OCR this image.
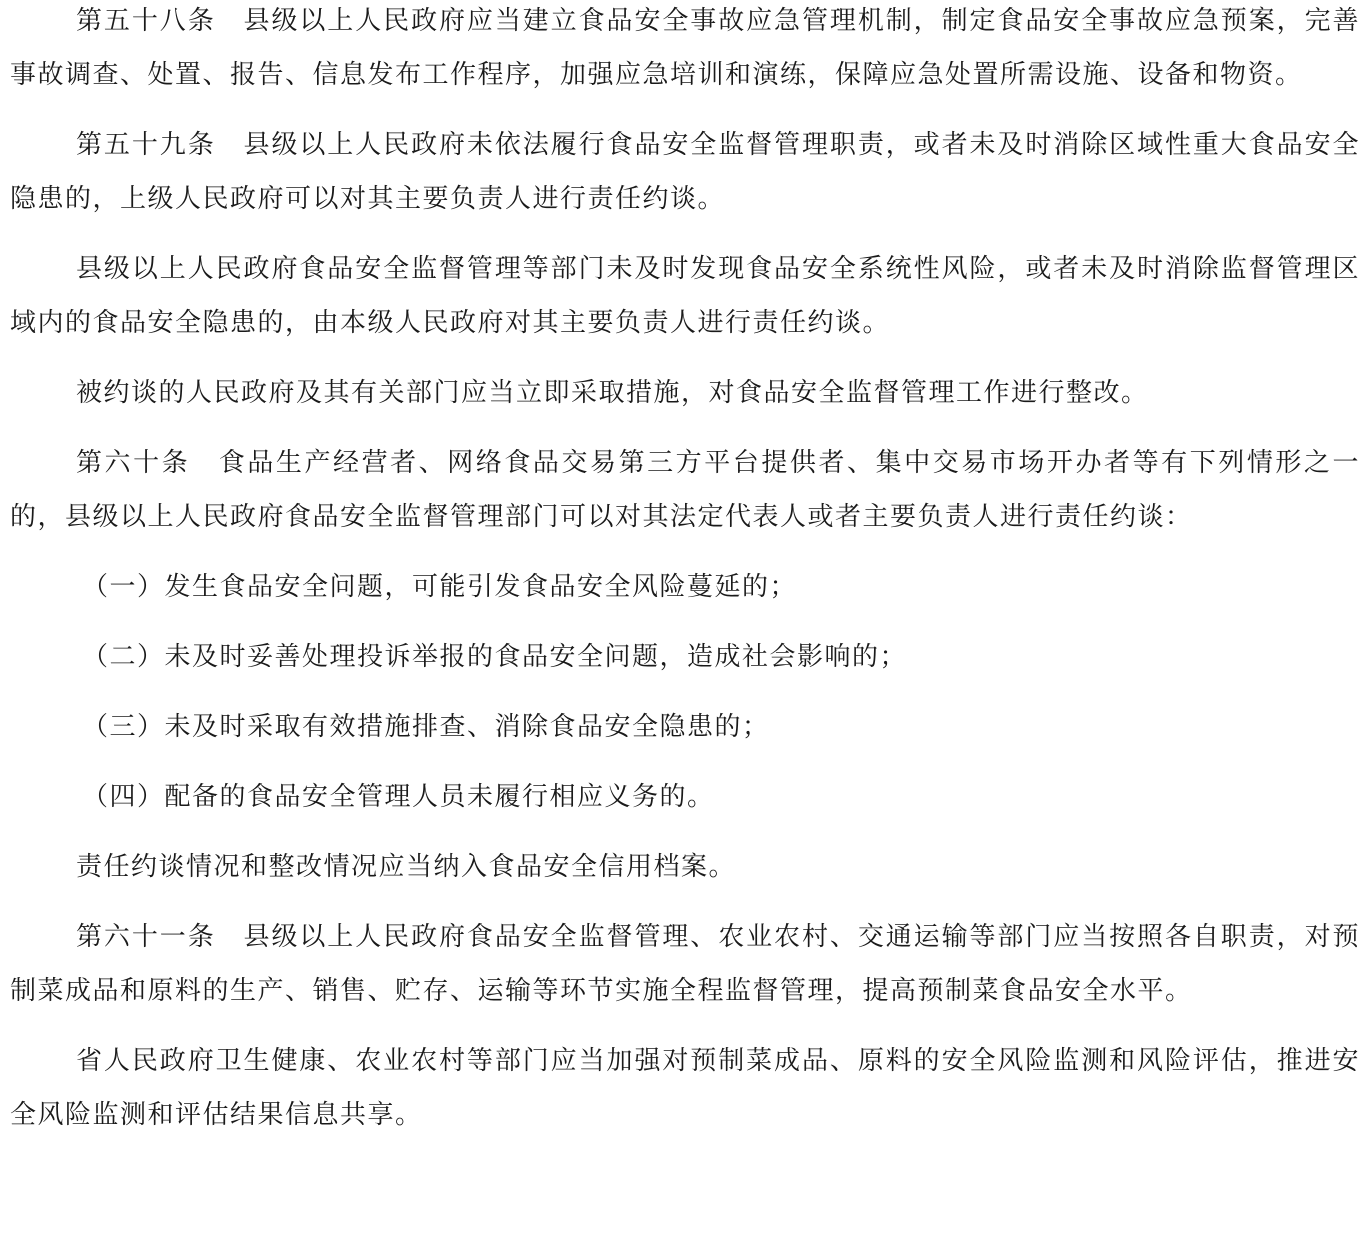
第五十八条　县级以上人民政府应当建立食品安全事故应急管理机制，制定食品安全事故应急预案，完善事故调查、处置、报告、信息发布工作程序，加强应急培训和演练，保障应急处置所需设施、设备和物资。

第五十九条　县级以上人民政府未依法履行食品安全监督管理职责，或者未及时消除区域性重大食品安全隐患的，上级人民政府可以对其主要负责人进行责任约谈。

县级以上人民政府食品安全监督管理等部门未及时发现食品安全系统性风险，或者未及时消除监督管理区域内的食品安全隐患的，由本级人民政府对其主要负责人进行责任约谈。

被约谈的人民政府及其有关部门应当立即采取措施，对食品安全监督管理工作进行整改。

第六十条　食品生产经营者、网络食品交易第三方平台提供者、集中交易市场开办者等有下列情形之一的，县级以上人民政府食品安全监督管理部门可以对其法定代表人或者主要负责人进行责任约谈：

（一）发生食品安全问题，可能引发食品安全风险蔓延的；

（二）未及时妥善处理投诉举报的食品安全问题，造成社会影响的；

（三）未及时采取有效措施排查、消除食品安全隐患的；

（四）配备的食品安全管理人员未履行相应义务的。

责任约谈情况和整改情况应当纳入食品安全信用档案。

第六十一条　县级以上人民政府食品安全监督管理、农业农村、交通运输等部门应当按照各自职责，对预制菜成品和原料的生产、销售、贮存、运输等环节实施全程监督管理，提高预制菜食品安全水平。

省人民政府卫生健康、农业农村等部门应当加强对预制菜成品、原料的安全风险监测和风险评估，推进安全风险监测和评估结果信息共享。
